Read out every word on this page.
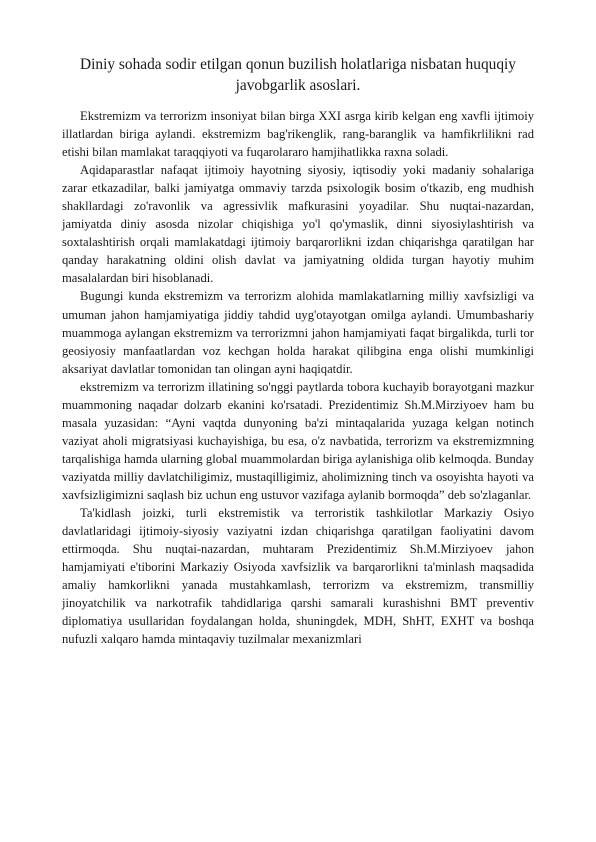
Diniy sohada sodir etilgan qonun buzilish holatlariga nisbatan huquqiy javobgarlik asoslari.

Ekstremizm va terrorizm insoniyat bilan birga XXI asrga kirib kelgan eng xavfli ijtimoiy illatlardan biriga aylandi. ekstremizm bag'rikenglik, rang-baranglik va hamfikrlilikni rad etishi bilan mamlakat taraqqiyoti va fuqarolararo hamjihatlikka raxna soladi.

Aqidaparastlar nafaqat ijtimoiy hayotning siyosiy, iqtisodiy yoki madaniy sohalariga zarar etkazadilar, balki jamiyatga ommaviy tarzda psixologik bosim o'tkazib, eng mudhish shakllardagi zo'ravonlik va agressivlik mafkurasini yoyadilar. Shu nuqtai-nazardan, jamiyatda diniy asosda nizolar chiqishiga yo'l qo'ymaslik, dinni siyosiylashtirish va soxtalashtirish orqali mamlakatdagi ijtimoiy barqarorlikni izdan chiqarishga qaratilgan har qanday harakatning oldini olish davlat va jamiyatning oldida turgan hayotiy muhim masalalardan biri hisoblanadi.

Bugungi kunda ekstremizm va terrorizm alohida mamlakatlarning milliy xavfsizligi va umuman jahon hamjamiyatiga jiddiy tahdid uyg'otayotgan omilga aylandi. Umumbashariy muammoga aylangan ekstremizm va terrorizmni jahon hamjamiyati faqat birgalikda, turli tor geosiyosiy manfaatlardan voz kechgan holda harakat qilibgina enga olishi mumkinligi aksariyat davlatlar tomonidan tan olingan ayni haqiqatdir.

ekstremizm va terrorizm illatining so'nggi paytlarda tobora kuchayib borayotgani mazkur muammoning naqadar dolzarb ekanini ko'rsatadi. Prezidentimiz Sh.M.Mirziyoev ham bu masala yuzasidan: “Ayni vaqtda dunyoning ba'zi mintaqalarida yuzaga kelgan notinch vaziyat aholi migratsiyasi kuchayishiga, bu esa, o'z navbatida, terrorizm va ekstremizmning tarqalishiga hamda ularning global muammolardan biriga aylanishiga olib kelmoqda. Bunday vaziyatda milliy davlatchiligimiz, mustaqilligimiz, aholimizning tinch va osoyishta hayoti va xavfsizligimizni saqlash biz uchun eng ustuvor vazifaga aylanib bormoqda” deb so'zlaganlar.

Ta'kidlash joizki, turli ekstremistik va terroristik tashkilotlar Markaziy Osiyo davlatlaridagi ijtimoiy-siyosiy vaziyatni izdan chiqarishga qaratilgan faoliyatini davom ettirmoqda. Shu nuqtai-nazardan, muhtaram Prezidentimiz Sh.M.Mirziyoev jahon hamjamiyati e'tiborini Markaziy Osiyoda xavfsizlik va barqarorlikni ta'minlash maqsadida amaliy hamkorlikni yanada mustahkamlash, terrorizm va ekstremizm, transmilliy jinoyatchilik va narkotrafik tahdidlariga qarshi samarali kurashishni BMT preventiv diplomatiya usullaridan foydalangan holda, shuningdek, MDH, ShHT, EXHT va boshqa nufuzli xalqaro hamda mintaqaviy tuzilmalar mexanizmlari
